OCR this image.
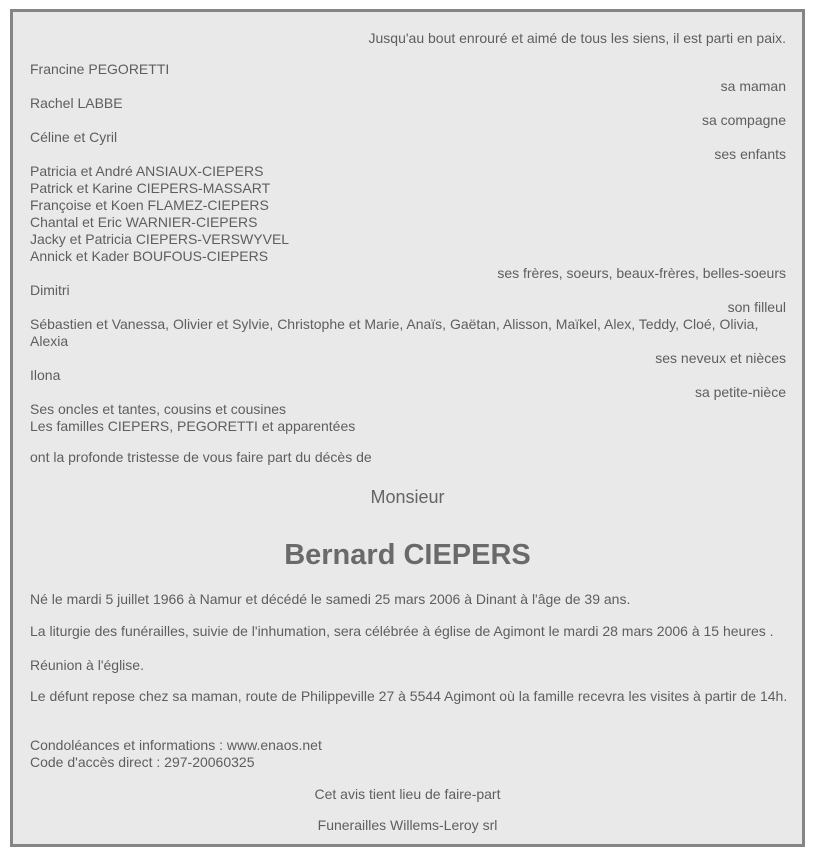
Jusqu'au bout enrouré et aimé de tous les siens, il est parti en paix.
Francine PEGORETTI
sa maman
Rachel LABBE
sa compagne
Céline et Cyril
ses enfants
Patricia et André ANSIAUX-CIEPERS
Patrick et Karine CIEPERS-MASSART
Françoise et Koen FLAMEZ-CIEPERS
Chantal et Eric WARNIER-CIEPERS
Jacky et Patricia CIEPERS-VERSWYVEL
Annick et Kader BOUFOUS-CIEPERS
ses frères, soeurs, beaux-frères, belles-soeurs
Dimitri
son filleul
Sébastien et Vanessa, Olivier et Sylvie, Christophe et Marie, Anaïs, Gaëtan, Alisson, Maïkel, Alex, Teddy, Cloé, Olivia, Alexia
ses neveux et nièces
Ilona
sa petite-nièce
Ses oncles et tantes, cousins et cousines
Les familles CIEPERS, PEGORETTI et apparentées
ont la profonde tristesse de vous faire part du décès de
Monsieur
Bernard CIEPERS
Né le mardi 5 juillet 1966 à Namur et décédé le samedi 25 mars 2006 à Dinant à l'âge de 39 ans.
La liturgie des funérailles, suivie de l'inhumation, sera célébrée à église de Agimont le mardi 28 mars 2006 à 15 heures .
Réunion à l'église.
Le défunt repose chez sa maman, route de Philippeville 27 à 5544 Agimont où la famille recevra les visites à partir de 14h.
Condoléances et informations : www.enaos.net
Code d'accès direct : 297-20060325
Cet avis tient lieu de faire-part
Funerailles Willems-Leroy srl
